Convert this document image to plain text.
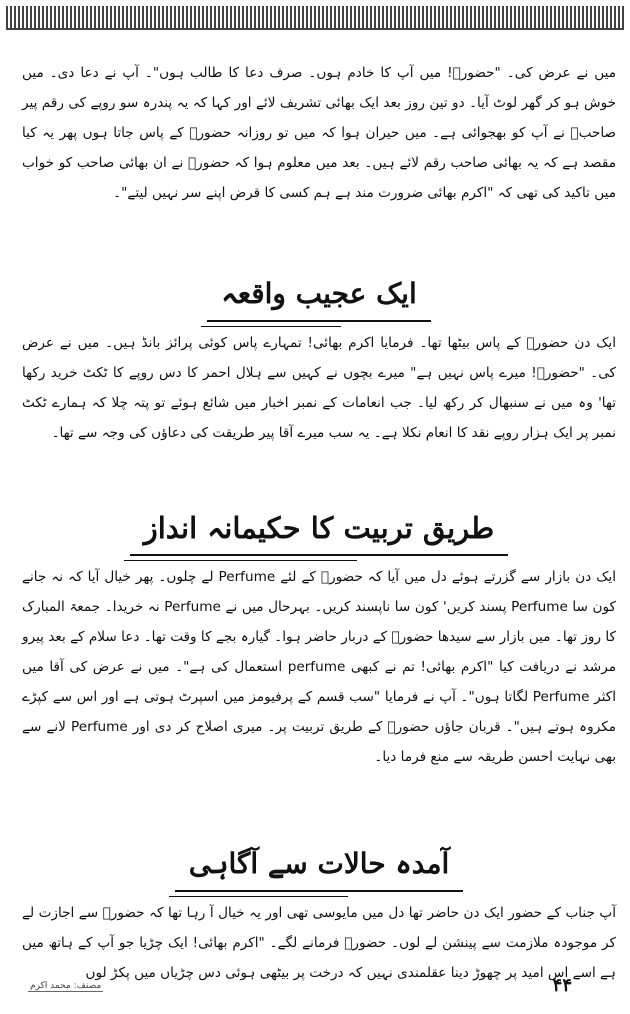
میں نے عرض کی۔ "حضورؐ! میں آپ کا خادم ہوں۔ صرف دعا کا طالب ہوں"۔ آپ نے دعا دی۔ میں خوش ہو کر گھر لوٹ آیا۔ دو تین روز بعد ایک بھائی تشریف لائے اور کہا کہ یہ پندرہ سو روپے کی رقم پیر صاحبؒ نے آپ کو بھجوائی ہے۔ میں حیران ہوا کہ میں تو روزانہ حضورؐ کے پاس جاتا ہوں پھر یہ کیا مقصد ہے کہ یہ بھائی صاحب رقم لائے ہیں۔ بعد میں معلوم ہوا کہ حضورؐ نے ان بھائی صاحب کو خواب میں تاکید کی تھی کہ "اکرم بھائی ضرورت مند ہے ہم کسی کا قرض اپنے سر نہیں لیتے"۔

ایک عجیب واقعہ

ایک دن حضورؐ کے پاس بیٹھا تھا۔ فرمایا اکرم بھائی! تمہارے پاس کوئی پرائز بانڈ ہیں۔ میں نے عرض کی۔ "حضورؐ! میرے پاس نہیں ہے" میرے بچوں نے کہیں سے ہلال احمر کا دس روپے کا ٹکٹ خرید رکھا تھا' وہ میں نے سنبھال کر رکھ لیا۔ جب انعامات کے نمبر اخبار میں شائع ہوئے تو پتہ چلا کہ ہمارے ٹکٹ نمبر پر ایک ہزار روپے نقد کا انعام نکلا ہے۔ یہ سب میرے آقا پیر طریقت کی دعاؤں کی وجہ سے تھا۔

طریق تربیت کا حکیمانہ انداز

ایک دن بازار سے گزرتے ہوئے دل میں آیا کہ حضورؐ کے لئے Perfume لے چلوں۔ پھر خیال آیا کہ نہ جانے کون سا Perfume پسند کریں' کون سا ناپسند کریں۔ بہرحال میں نے Perfume نہ خریدا۔ جمعۃ المبارک کا روز تھا۔ میں بازار سے سیدھا حضورؐ کے دربار حاضر ہوا۔ گیارہ بجے کا وقت تھا۔ دعا سلام کے بعد پیرو مرشد نے دریافت کیا "اکرم بھائی! تم نے کبھی perfume استعمال کی ہے"۔ میں نے عرض کی آقا میں اکثر Perfume لگاتا ہوں"۔ آپ نے فرمایا "سب قسم کے پرفیومز میں اسپرٹ ہوتی ہے اور اس سے کپڑے مکروہ ہوتے ہیں"۔ قربان جاؤں حضورؐ کے طریق تربیت پر۔ میری اصلاح کر دی اور Perfume لانے سے بھی نہایت احسن طریقہ سے منع فرما دیا۔

آمدہ حالات سے آگاہی

آپ جناب کے حضور ایک دن حاضر تھا دل میں مایوسی تھی اور یہ خیال آ رہا تھا کہ حضورؐ سے اجازت لے کر موجودہ ملازمت سے پینشن لے لوں۔ حضورؐ فرمانے لگے۔ "اکرم بھائی! ایک چڑیا جو آپ کے ہاتھ میں ہے اسے اس امید پر چھوڑ دینا عقلمندی نہیں کہ درخت پر بیٹھی ہوئی دس چڑیاں میں پکڑ لوں

۴۴
مصنف: محمد اکرم
